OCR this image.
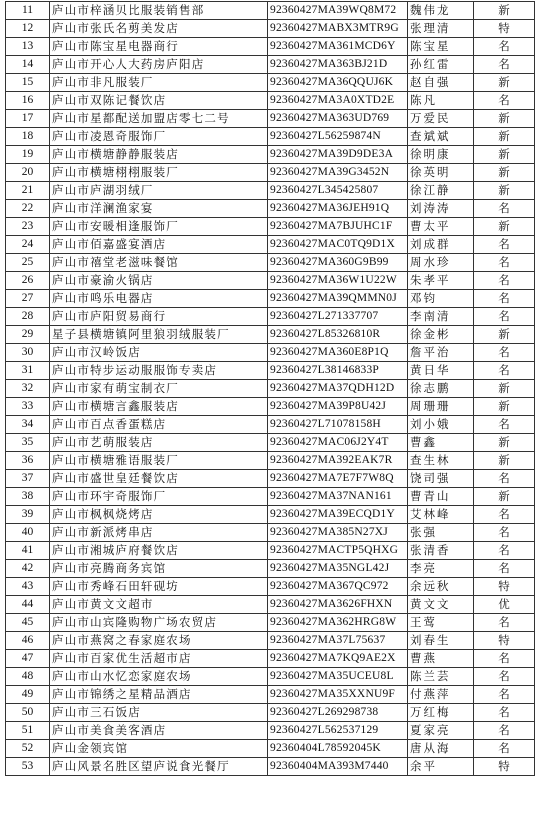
11	庐山市梓涵贝比服装销售部	92360427MA39WQ8M72	魏伟龙	新
12	庐山市张氏名剪美发店	92360427MABX3MTR9G	张理清	特
13	庐山市陈宝星电器商行	92360427MA361MCD6Y	陈宝星	名
14	庐山市开心人大药房庐阳店	92360427MA363BJ21D	孙红雷	名
15	庐山市非凡服装厂	92360427MA36QQUJ6K	赵自强	新
16	庐山市双陈记餐饮店	92360427MA3A0XTD2E	陈凡	名
17	庐山市星都配送加盟店零七二号	92360427MA363UD769	万爱民	新
18	庐山市凌恩奇服饰厂	92360427L56259874N	查斌斌	新
19	庐山市横塘静静服装店	92360427MA39D9DE3A	徐明康	新
20	庐山市横塘栩栩服装厂	92360427MA39G3452N	徐英明	新
21	庐山市庐湖羽绒厂	92360427L345425807	徐江静	新
22	庐山市洋澜渔家宴	92360427MA36JEH91Q	刘涛涛	名
23	庐山市安暖相逢服饰厂	92360427MA7BJUHC1F	曹太平	新
24	庐山市佰嘉盛宴酒店	92360427MAC0TQ9D1X	刘成群	名
25	庐山市禧堂老滋味餐馆	92360427MA360G9B99	周水珍	名
26	庐山市豪渝火锅店	92360427MA36W1U22W	朱孝平	名
27	庐山市鸣乐电器店	92360427MA39QMMN0J	邓钧	名
28	庐山市庐阳贸易商行	92360427L271337707	李南清	名
29	星子县横塘镇阿里狼羽绒服装厂	92360427L85326810R	徐金彬	新
30	庐山市汉岭饭店	92360427MA360E8P1Q	詹平治	名
31	庐山市特步运动服服饰专卖店	92360427L38146833P	黄日华	名
32	庐山市家有萌宝制衣厂	92360427MA37QDH12D	徐志鹏	新
33	庐山市横塘言鑫服装店	92360427MA39P8U42J	周珊珊	新
34	庐山市百点香蛋糕店	92360427L71078158H	刘小娥	名
35	庐山市艺萌服装店	92360427MAC06J2Y4T	曹鑫	新
36	庐山市横塘雅语服装厂	92360427MA392EAK7R	查生林	新
37	庐山市盛世皇廷餐饮店	92360427MA7E7F7W8Q	饶司强	名
38	庐山市环宇奇服饰厂	92360427MA37NAN161	曹青山	新
39	庐山市枫枫烧烤店	92360427MA39ECQD1Y	艾林峰	名
40	庐山市新派烤串店	92360427MA385N27XJ	张强	名
41	庐山市湘城庐府餐饮店	92360427MACTP5QHXG	张清香	名
42	庐山市亮腾商务宾馆	92360427MA35NGL42J	李亮	名
43	庐山市秀峰石田轩砚坊	92360427MA367QC972	余远秋	特
44	庐山市黄文文超市	92360427MA3626FHXN	黄文文	优
45	庐山市山宾隆购物广场农贸店	92360427MA362HRG8W	王莺	名
46	庐山市燕窝之春家庭农场	92360427MA37L75637	刘春生	特
47	庐山市百家优生活超市店	92360427MA7KQ9AE2X	曹燕	名
48	庐山市山水忆恋家庭农场	92360427MA35UCEU8L	陈兰芸	名
49	庐山市锦绣之星精品酒店	92360427MA35XXNU9F	付燕萍	名
50	庐山市三石饭店	92360427L269298738	万红梅	名
51	庐山市美食美客酒店	92360427L562537129	夏家亮	名
52	庐山金领宾馆	92360404L78592045K	唐从海	名
53	庐山风景名胜区望庐说食光餐厅	92360404MA393M7440	余平	特
